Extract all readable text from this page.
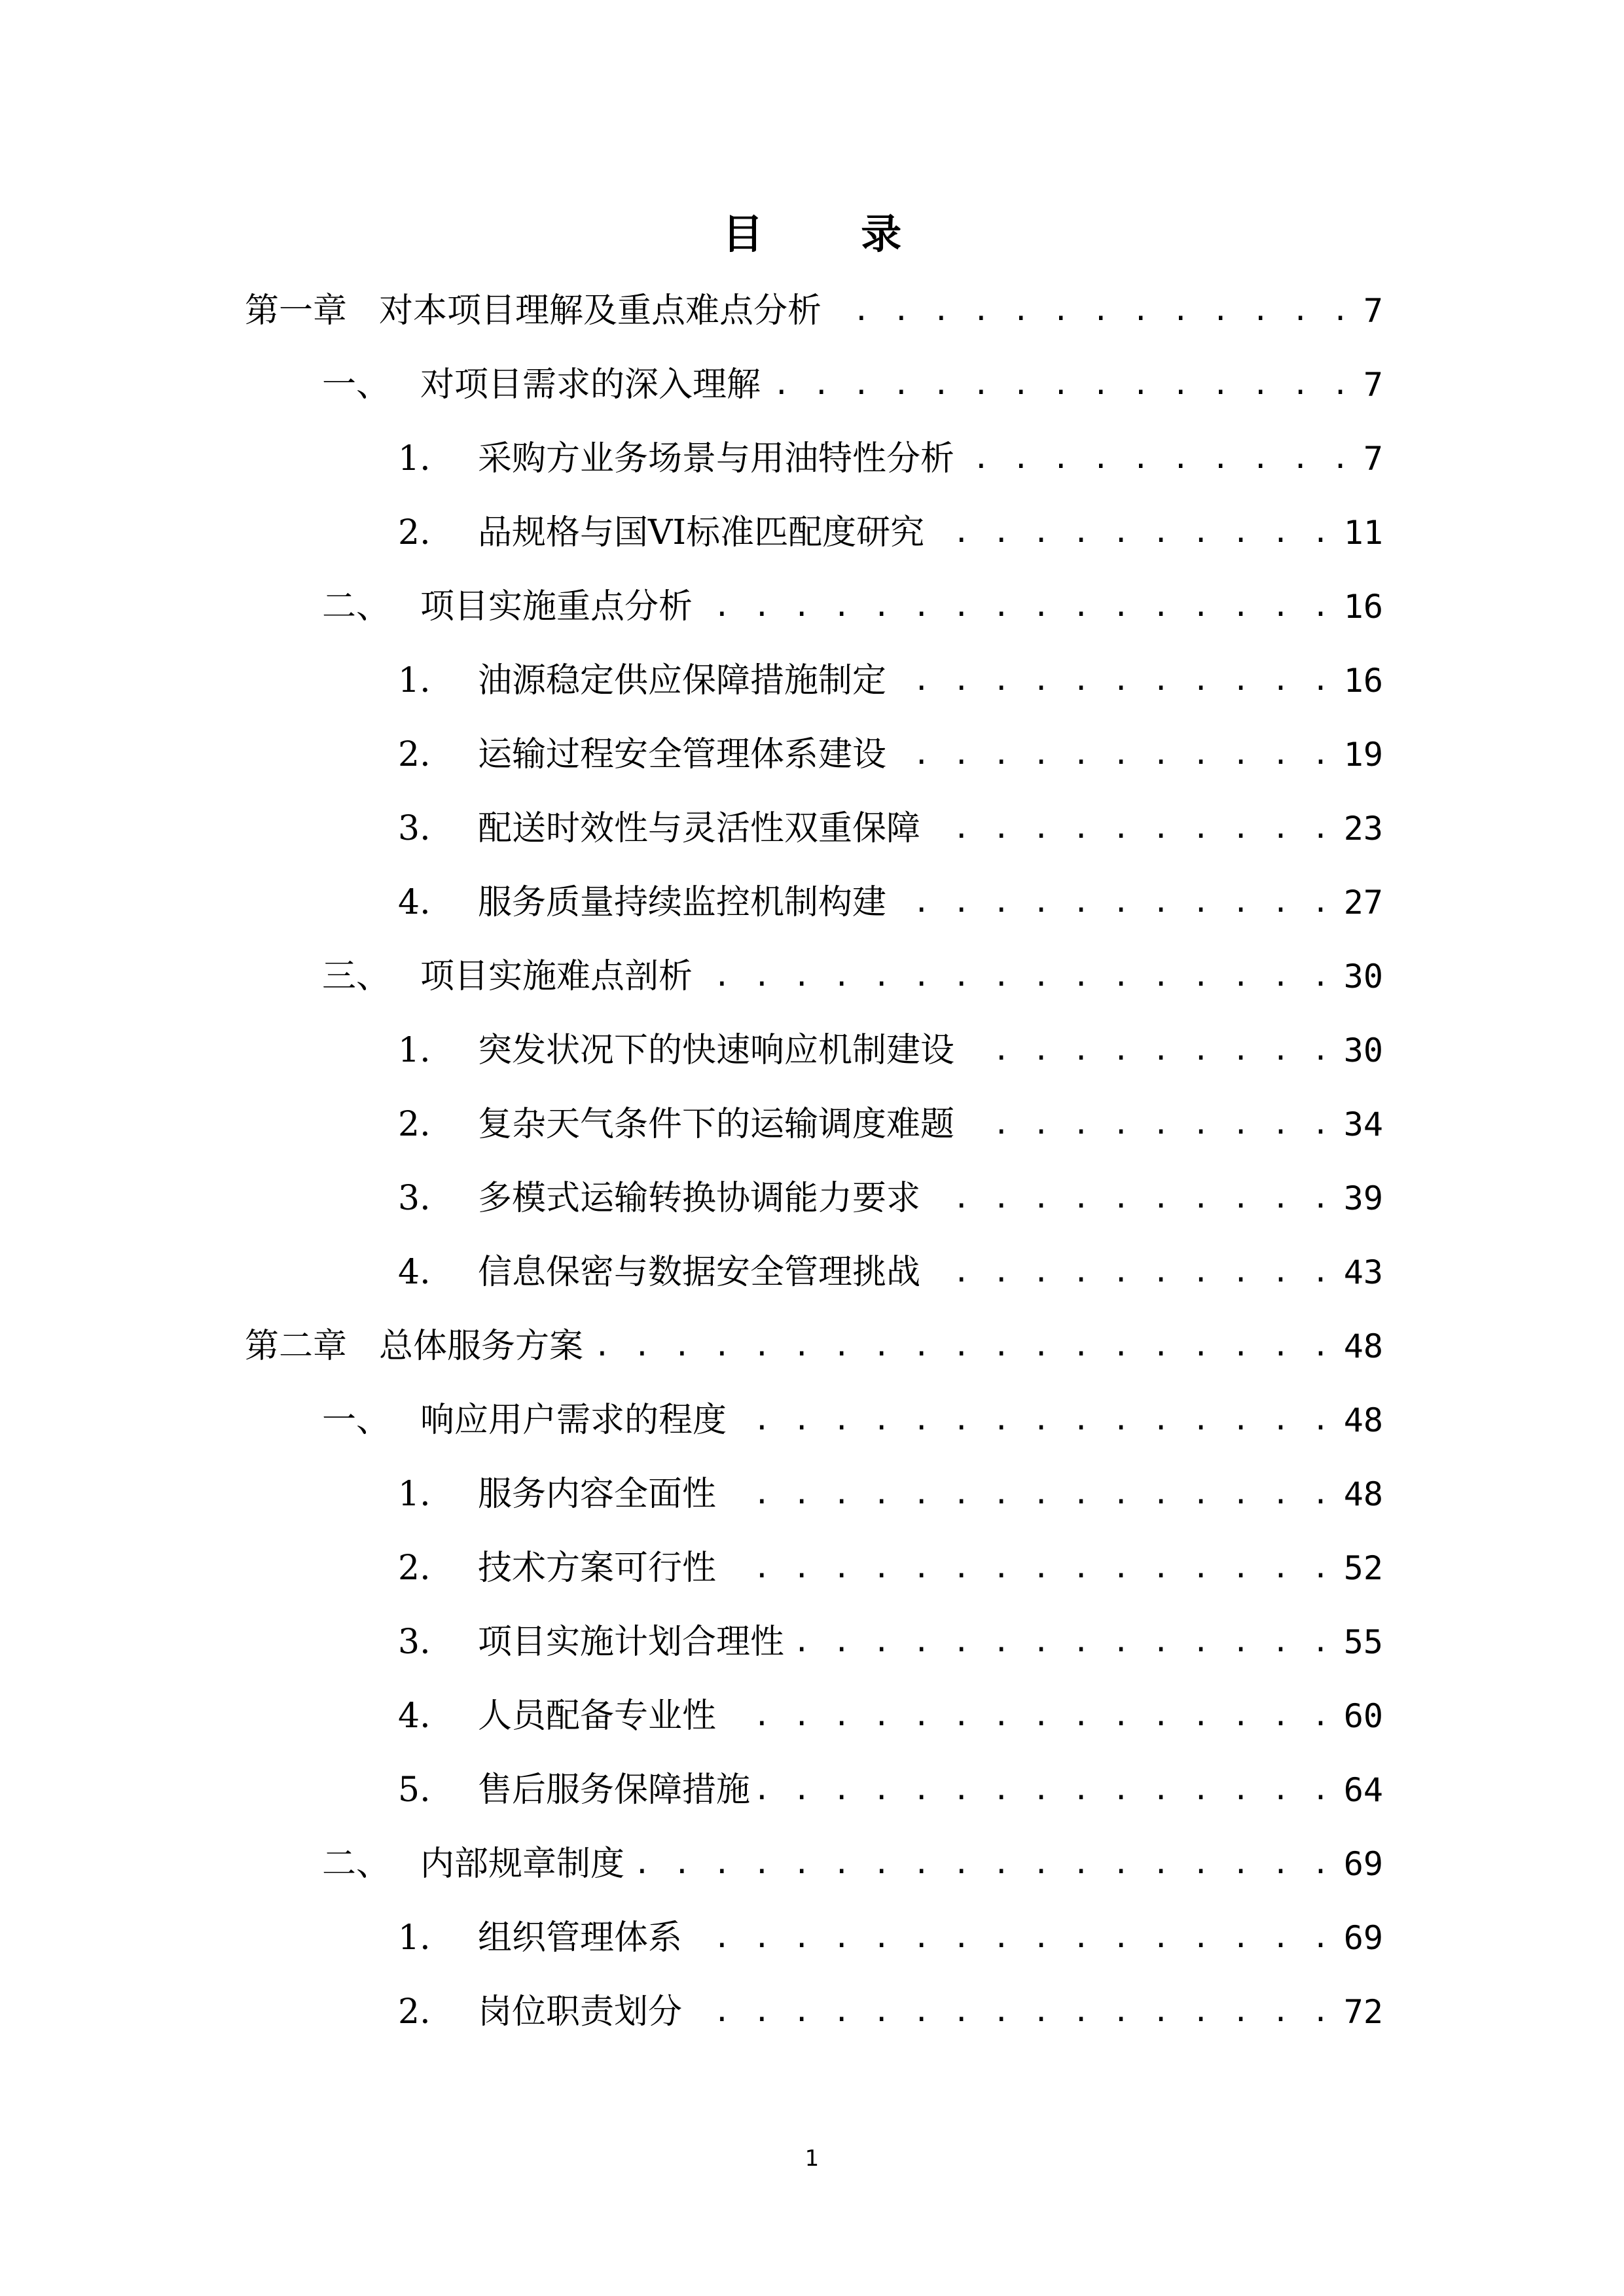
目 录
第一章 对本项目理解及重点难点分析 . . .	7
一、 对项目需求的深入理解 . . .	7
1.	采购方业务场景与用油特性分析 . . .	7
2.	品规格与国VI标准匹配度研究 . . .	11
二、 项目实施重点分析 . . .	16
1.	油源稳定供应保障措施制定 . . .	16
2.	运输过程安全管理体系建设 . . .	19
3.	配送时效性与灵活性双重保障 . . .	23
4.	服务质量持续监控机制构建 . . .	27
三、 项目实施难点剖析 . . .	30
1.	突发状况下的快速响应机制建设 . . .	30
2.	复杂天气条件下的运输调度难题 . . .	34
3.	多模式运输转换协调能力要求 . . .	39
4.	信息保密与数据安全管理挑战 . . .	43
第二章 总体服务方案 . . .	48
一、 响应用户需求的程度 . . .	48
1.	服务内容全面性 . . .	48
2.	技术方案可行性 . . .	52
3.	项目实施计划合理性 . . .	55
4.	人员配备专业性 . . .	60
5.	售后服务保障措施 . . .	64
二、 内部规章制度 . . .	69
1.	组织管理体系 . . .	69
2.	岗位职责划分 . . .	72
1
